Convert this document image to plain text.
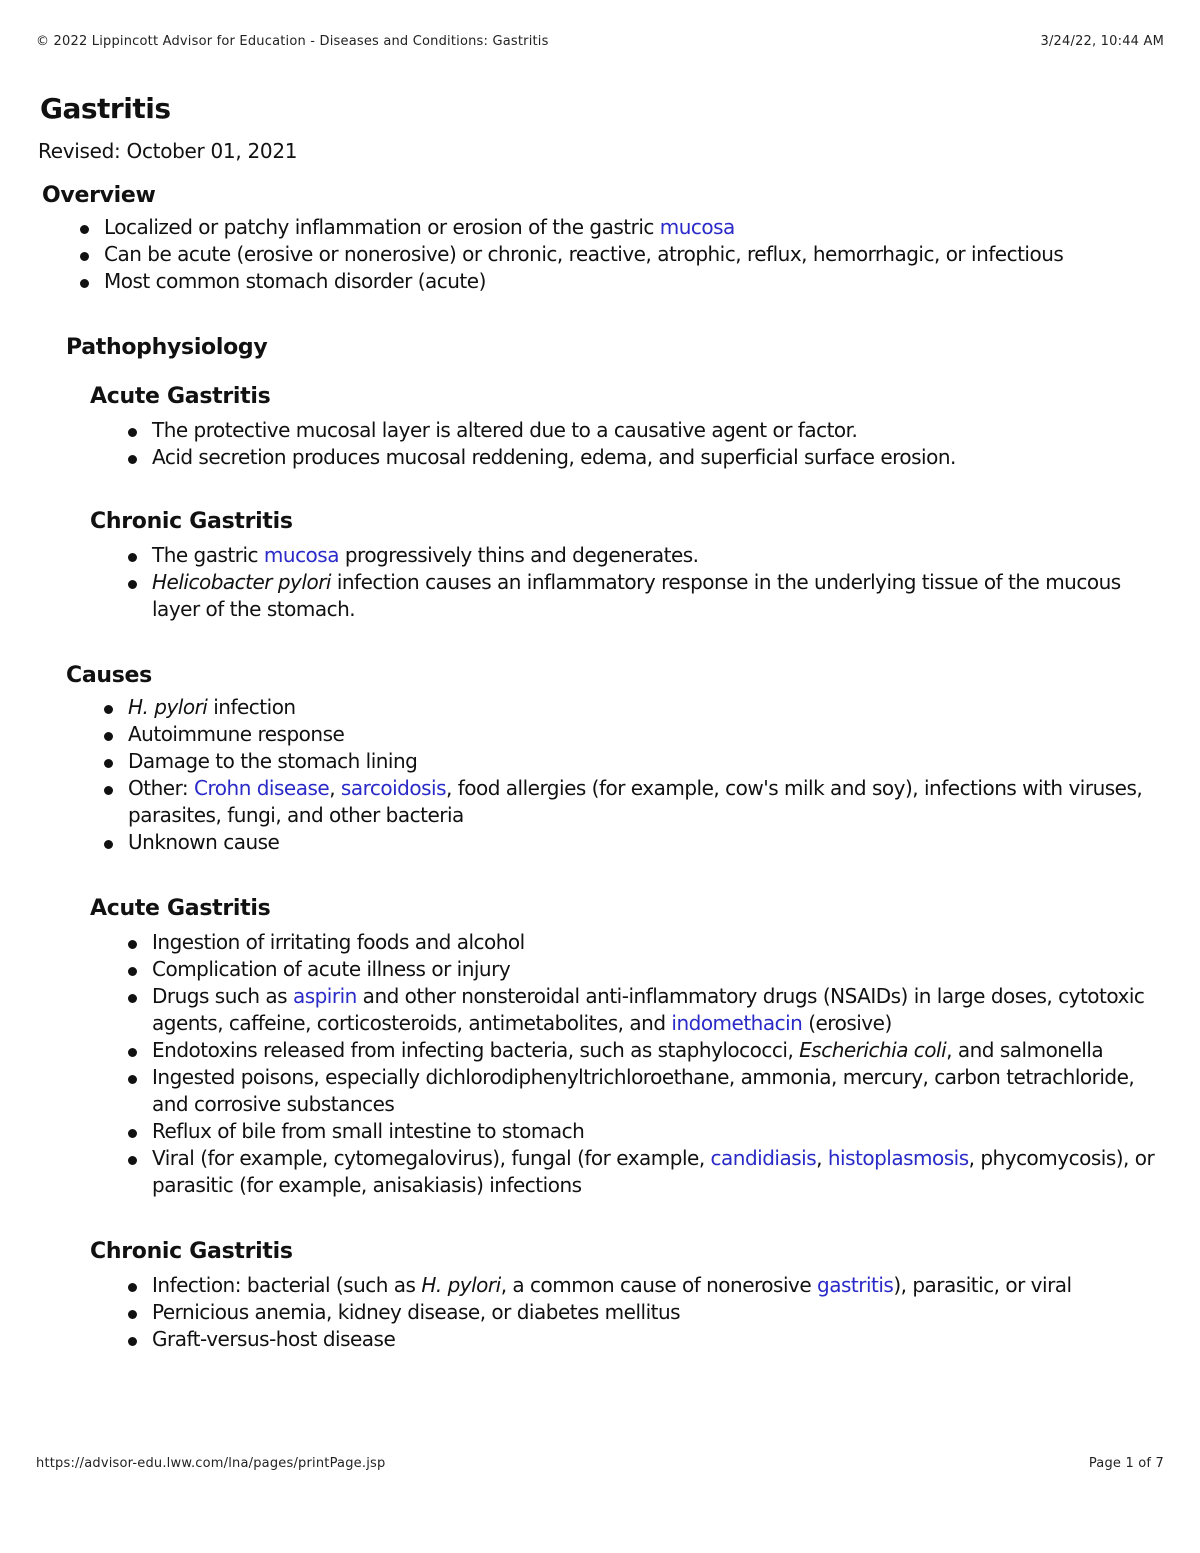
© 2022 Lippincott Advisor for Education - Diseases and Conditions: Gastritis	3/24/22, 10:44 AM
Gastritis
Revised: October 01, 2021
Overview
Localized or patchy inflammation or erosion of the gastric mucosa
Can be acute (erosive or nonerosive) or chronic, reactive, atrophic, reflux, hemorrhagic, or infectious
Most common stomach disorder (acute)
Pathophysiology
Acute Gastritis
The protective mucosal layer is altered due to a causative agent or factor.
Acid secretion produces mucosal reddening, edema, and superficial surface erosion.
Chronic Gastritis
The gastric mucosa progressively thins and degenerates.
Helicobacter pylori infection causes an inflammatory response in the underlying tissue of the mucous layer of the stomach.
Causes
H. pylori infection
Autoimmune response
Damage to the stomach lining
Other: Crohn disease, sarcoidosis, food allergies (for example, cow's milk and soy), infections with viruses, parasites, fungi, and other bacteria
Unknown cause
Acute Gastritis
Ingestion of irritating foods and alcohol
Complication of acute illness or injury
Drugs such as aspirin and other nonsteroidal anti-inflammatory drugs (NSAIDs) in large doses, cytotoxic agents, caffeine, corticosteroids, antimetabolites, and indomethacin (erosive)
Endotoxins released from infecting bacteria, such as staphylococci, Escherichia coli, and salmonella
Ingested poisons, especially dichlorodiphenyltrichloroethane, ammonia, mercury, carbon tetrachloride, and corrosive substances
Reflux of bile from small intestine to stomach
Viral (for example, cytomegalovirus), fungal (for example, candidiasis, histoplasmosis, phycomycosis), or parasitic (for example, anisakiasis) infections
Chronic Gastritis
Infection: bacterial (such as H. pylori, a common cause of nonerosive gastritis), parasitic, or viral
Pernicious anemia, kidney disease, or diabetes mellitus
Graft-versus-host disease
https://advisor-edu.lww.com/lna/pages/printPage.jsp	Page 1 of 7
